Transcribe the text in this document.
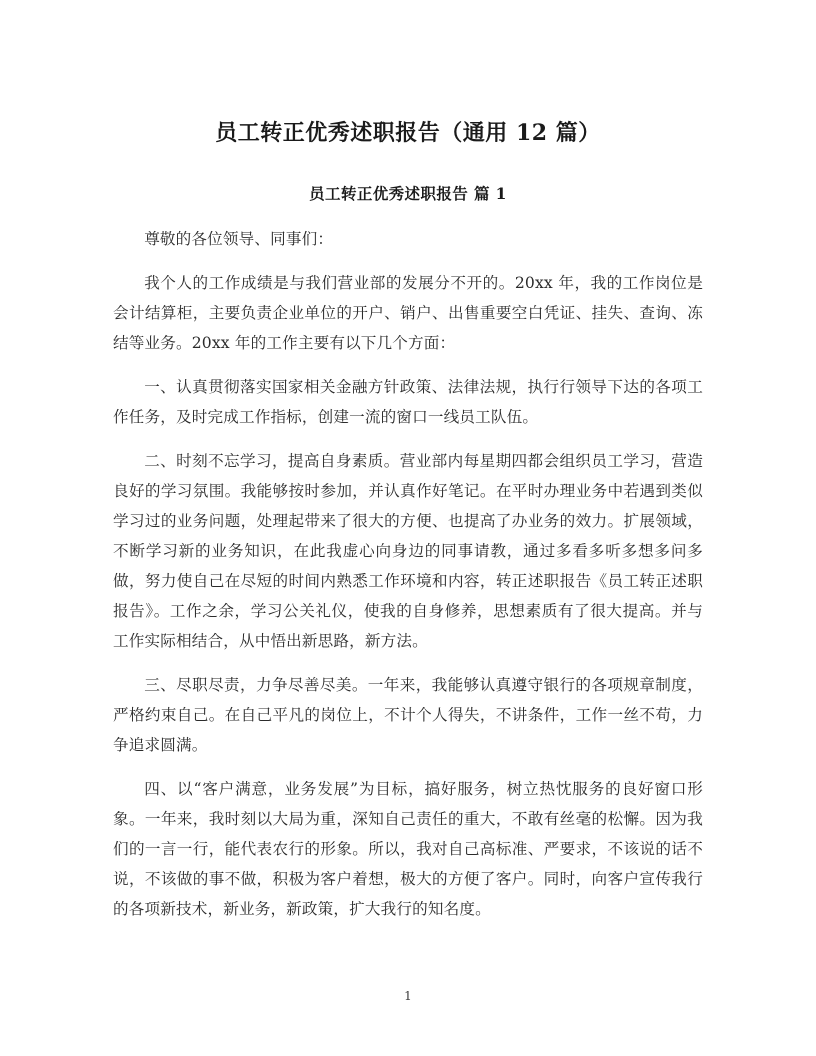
员工转正优秀述职报告（通用 12 篇）
员工转正优秀述职报告 篇 1

尊敬的各位领导、同事们：

我个人的工作成绩是与我们营业部的发展分不开的。20xx 年，我的工作岗位是会计结算柜，主要负责企业单位的开户、销户、出售重要空白凭证、挂失、查询、冻结等业务。20xx 年的工作主要有以下几个方面：

一、认真贯彻落实国家相关金融方针政策、法律法规，执行行领导下达的各项工作任务，及时完成工作指标，创建一流的窗口一线员工队伍。

二、时刻不忘学习，提高自身素质。营业部内每星期四都会组织员工学习，营造良好的学习氛围。我能够按时参加，并认真作好笔记。在平时办理业务中若遇到类似学习过的业务问题，处理起带来了很大的方便、也提高了办业务的效力。扩展领域，不断学习新的业务知识，在此我虚心向身边的同事请教，通过多看多听多想多问多做，努力使自己在尽短的时间内熟悉工作环境和内容，转正述职报告《员工转正述职报告》。工作之余，学习公关礼仪，使我的自身修养，思想素质有了很大提高。并与工作实际相结合，从中悟出新思路，新方法。

三、尽职尽责，力争尽善尽美。一年来，我能够认真遵守银行的各项规章制度，严格约束自己。在自己平凡的岗位上，不计个人得失，不讲条件，工作一丝不苟，力争追求圆满。

四、以“客户满意，业务发展”为目标，搞好服务，树立热忱服务的良好窗口形象。一年来，我时刻以大局为重，深知自己责任的重大，不敢有丝毫的松懈。因为我们的一言一行，能代表农行的形象。所以，我对自己高标准、严要求，不该说的话不说，不该做的事不做，积极为客户着想，极大的方便了客户。同时，向客户宣传我行的各项新技术，新业务，新政策，扩大我行的知名度。

1
